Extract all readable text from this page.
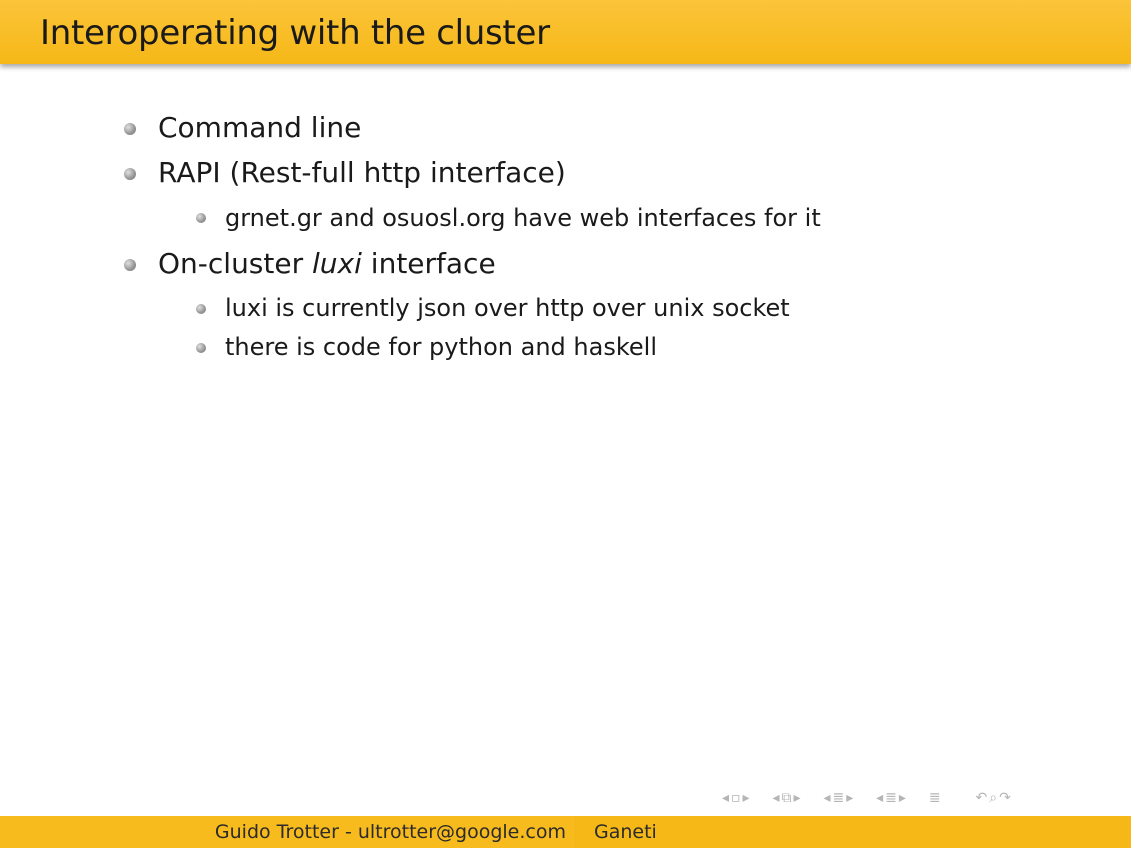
Interoperating with the cluster
Command line
RAPI (Rest-full http interface)
grnet.gr and osuosl.org have web interfaces for it
On-cluster luxi interface
luxi is currently json over http over unix socket
there is code for python and haskell
◂ ▫ ▸ ◂ ⧉ ▸ ◂ ≣ ▸ ◂ ≣ ▸ ≣ ↶ ⌕ ↷
Guido Trotter - ultrotter@google.com Ganeti
